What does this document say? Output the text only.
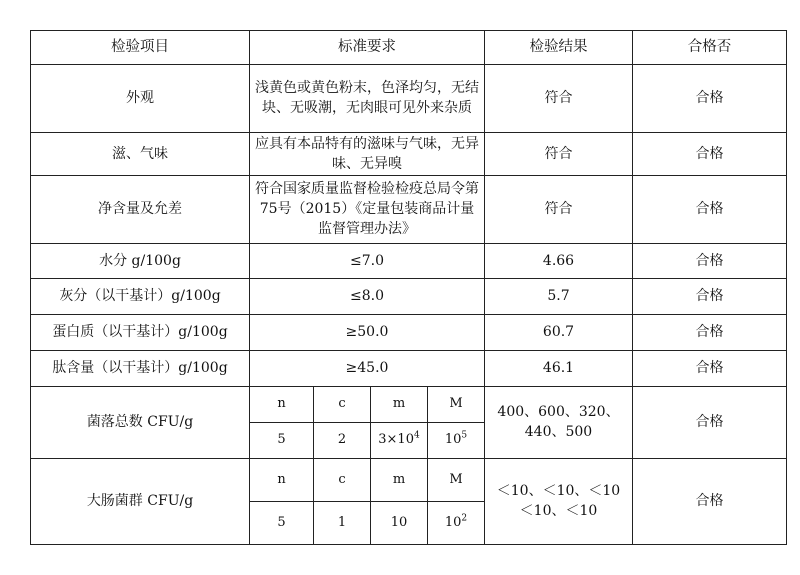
检验项目	标准要求				检验结果	合格否
外观	浅黄色或黄色粉末，色泽均匀，无结块、无吸潮，无肉眼可见外来杂质				符合	合格
滋、气味	应具有本品特有的滋味与气味，无异味、无异嗅				符合	合格
净含量及允差	符合国家质量监督检验检疫总局令第75号（2015）《定量包装商品计量监督管理办法》				符合	合格
水分 g/100g	≤7.0				4.66	合格
灰分（以干基计）g/100g	≤8.0				5.7	合格
蛋白质（以干基计）g/100g	≥50.0				60.7	合格
肽含量（以干基计）g/100g	≥45.0				46.1	合格
菌落总数 CFU/g	n	c	m	M	400、600、320、440、500	合格
	5	2	$3\times 10^4$	$10^5$
大肠菌群 CFU/g	n	c	m	M	＜10、＜10、＜10 ＜10、＜10	合格
	5	1	10	$10^2$
